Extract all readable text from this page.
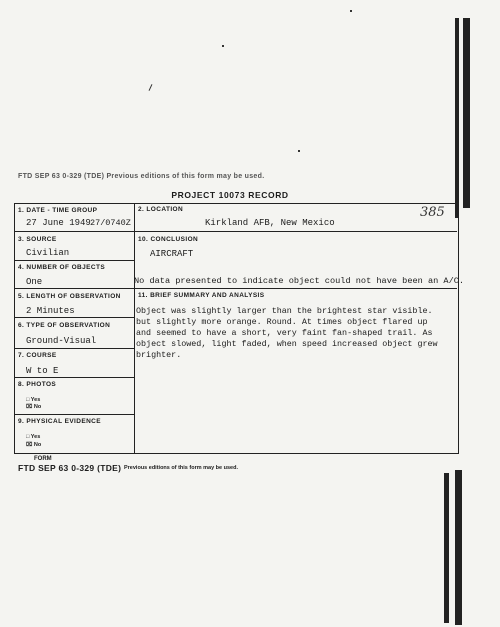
FTD SEP 63 0-329 (TDE) Previous editions of this form may be used.
PROJECT 10073 RECORD
1. DATE - TIME GROUP
27 June 1949 27/0740Z
2. LOCATION
Kirkland AFB, New Mexico
385
3. SOURCE
Civilian
10. CONCLUSION
AIRCRAFT
4. NUMBER OF OBJECTS
One	No data presented to indicate object could not have been an A/C.
5. LENGTH OF OBSERVATION
2 Minutes
11. BRIEF SUMMARY AND ANALYSIS
Object was slightly larger than the brightest star visible.
but slightly more orange. Round. At times object flared up
and seemed to have a short, very faint fan-shaped trail. As
object slowed, light faded, when speed increased object grew
brighter.
6. TYPE OF OBSERVATION
Ground-Visual
7. COURSE
W to E
8. PHOTOS
□ Yes
⌧ No
9. PHYSICAL EVIDENCE
□ Yes
⌧ No
FORM
FTD SEP 63 0-329 (TDE) Previous editions of this form may be used.
